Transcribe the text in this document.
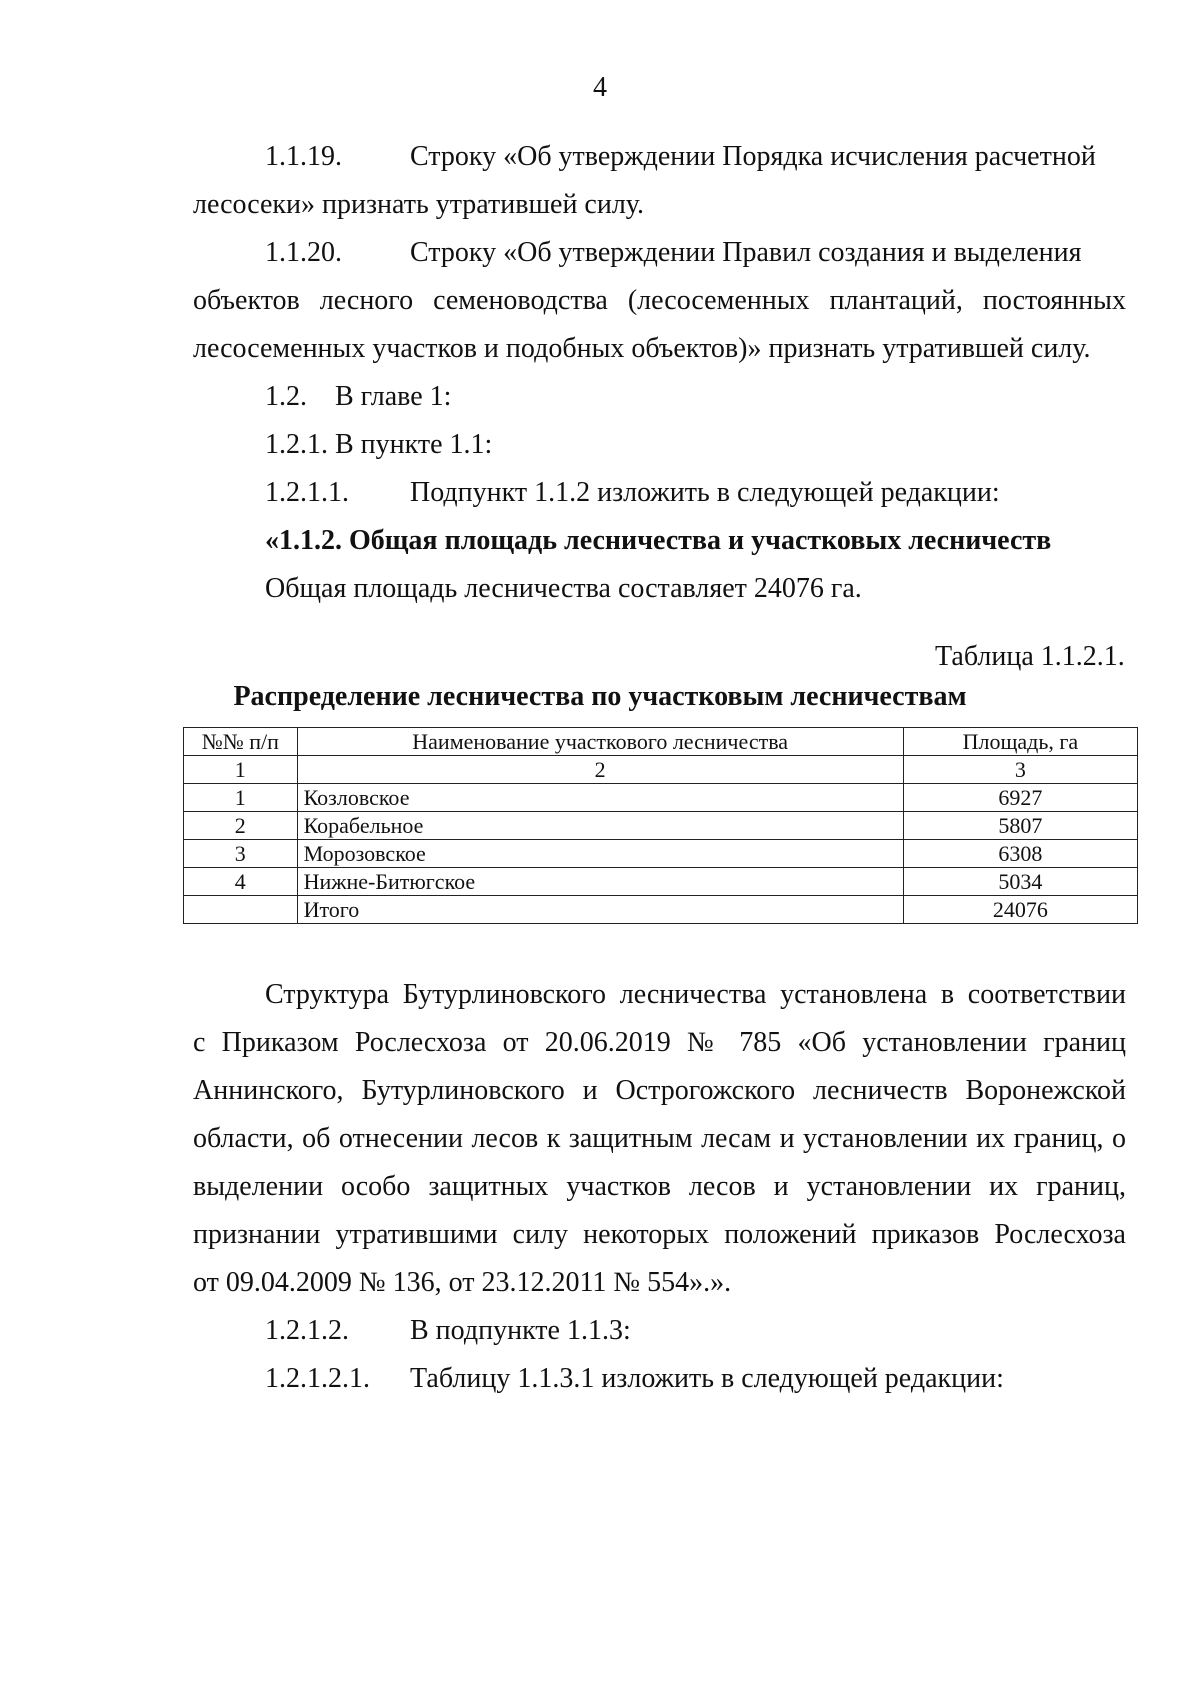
4
1.1.19. Строку «Об утверждении Порядка исчисления расчетной
лесосеки» признать утратившей силу.
1.1.20. Строку «Об утверждении Правил создания и выделения
объектов лесного семеноводства (лесосеменных плантаций, постоянных
лесосеменных участков и подобных объектов)» признать утратившей силу.
1.2. В главе 1:
1.2.1. В пункте 1.1:
1.2.1.1. Подпункт 1.1.2 изложить в следующей редакции:
«1.1.2. Общая площадь лесничества и участковых лесничеств
Общая площадь лесничества составляет 24076 га.
Таблица 1.1.2.1.
Распределение лесничества по участковым лесничествам
№№ п/п	Наименование участкового лесничества	Площадь, га
1	2	3
1	Козловское	6927
2	Корабельное	5807
3	Морозовское	6308
4	Нижне-Битюгское	5034
	Итого	24076
Структура Бутурлиновского лесничества установлена в соответствии
с Приказом Рослесхоза от 20.06.2019 № 785 «Об установлении границ
Аннинского, Бутурлиновского и Острогожского лесничеств Воронежской
области, об отнесении лесов к защитным лесам и установлении их границ, о
выделении особо защитных участков лесов и установлении их границ,
признании утратившими силу некоторых положений приказов Рослесхоза
от 09.04.2009 № 136, от 23.12.2011 № 554».».
1.2.1.2. В подпункте 1.1.3:
1.2.1.2.1. Таблицу 1.1.3.1 изложить в следующей редакции:
